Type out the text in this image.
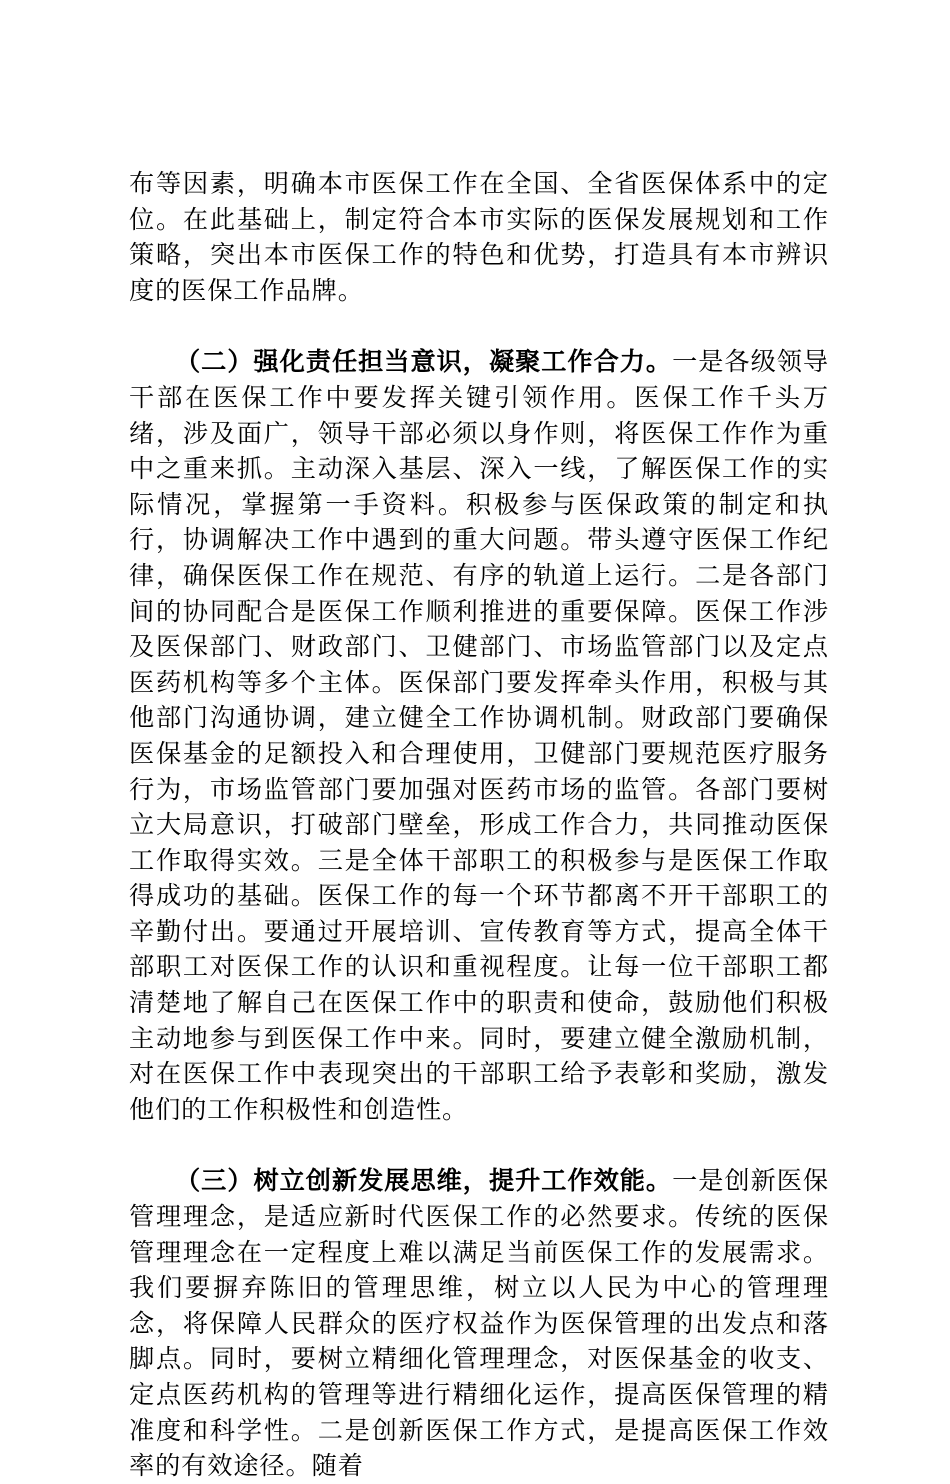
布等因素，明确本市医保工作在全国、全省医保体系中的定位。在此基础上，制定符合本市实际的医保发展规划和工作策略，突出本市医保工作的特色和优势，打造具有本市辨识度的医保工作品牌。

（二）强化责任担当意识，凝聚工作合力。一是各级领导干部在医保工作中要发挥关键引领作用。医保工作千头万绪，涉及面广，领导干部必须以身作则，将医保工作作为重中之重来抓。主动深入基层、深入一线，了解医保工作的实际情况，掌握第一手资料。积极参与医保政策的制定和执行，协调解决工作中遇到的重大问题。带头遵守医保工作纪律，确保医保工作在规范、有序的轨道上运行。二是各部门间的协同配合是医保工作顺利推进的重要保障。医保工作涉及医保部门、财政部门、卫健部门、市场监管部门以及定点医药机构等多个主体。医保部门要发挥牵头作用，积极与其他部门沟通协调，建立健全工作协调机制。财政部门要确保医保基金的足额投入和合理使用，卫健部门要规范医疗服务行为，市场监管部门要加强对医药市场的监管。各部门要树立大局意识，打破部门壁垒，形成工作合力，共同推动医保工作取得实效。三是全体干部职工的积极参与是医保工作取得成功的基础。医保工作的每一个环节都离不开干部职工的辛勤付出。要通过开展培训、宣传教育等方式，提高全体干部职工对医保工作的认识和重视程度。让每一位干部职工都清楚地了解自己在医保工作中的职责和使命，鼓励他们积极主动地参与到医保工作中来。同时，要建立健全激励机制，对在医保工作中表现突出的干部职工给予表彰和奖励，激发他们的工作积极性和创造性。

（三）树立创新发展思维，提升工作效能。一是创新医保管理理念，是适应新时代医保工作的必然要求。传统的医保管理理念在一定程度上难以满足当前医保工作的发展需求。我们要摒弃陈旧的管理思维，树立以人民为中心的管理理念，将保障人民群众的医疗权益作为医保管理的出发点和落脚点。同时，要树立精细化管理理念，对医保基金的收支、定点医药机构的管理等进行精细化运作，提高医保管理的精准度和科学性。二是创新医保工作方式，是提高医保工作效率的有效途径。随着
